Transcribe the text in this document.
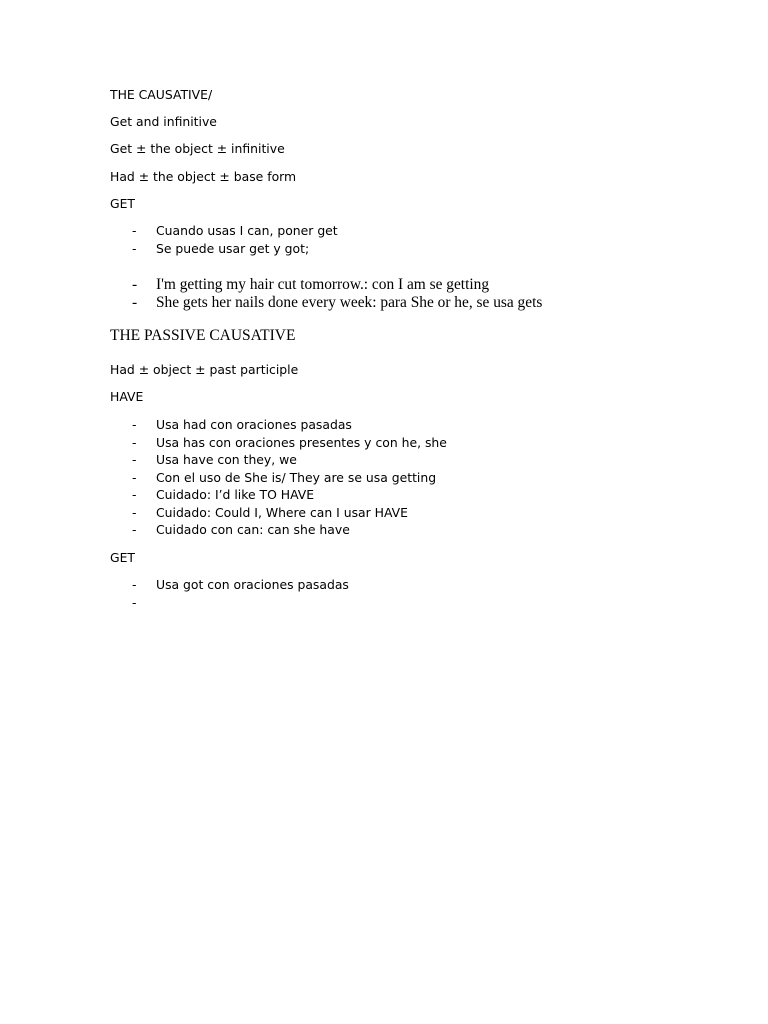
THE CAUSATIVE/

Get and infinitive

Get ± the object ± infinitive

Had ± the object ± base form

GET

- Cuando usas I can, poner get
- Se puede usar get y got;
- I'm getting my hair cut tomorrow.: con I am se getting
- She gets her nails done every week: para She or he, se usa gets

THE PASSIVE CAUSATIVE

Had ± object ± past participle

HAVE

- Usa had con oraciones pasadas
- Usa has con oraciones presentes y con he, she
- Usa have con they, we
- Con el uso de She is/ They are se usa getting
- Cuidado: I’d like TO HAVE
- Cuidado: Could I, Where can I usar HAVE
- Cuidado con can: can she have

GET

- Usa got con oraciones pasadas
-
